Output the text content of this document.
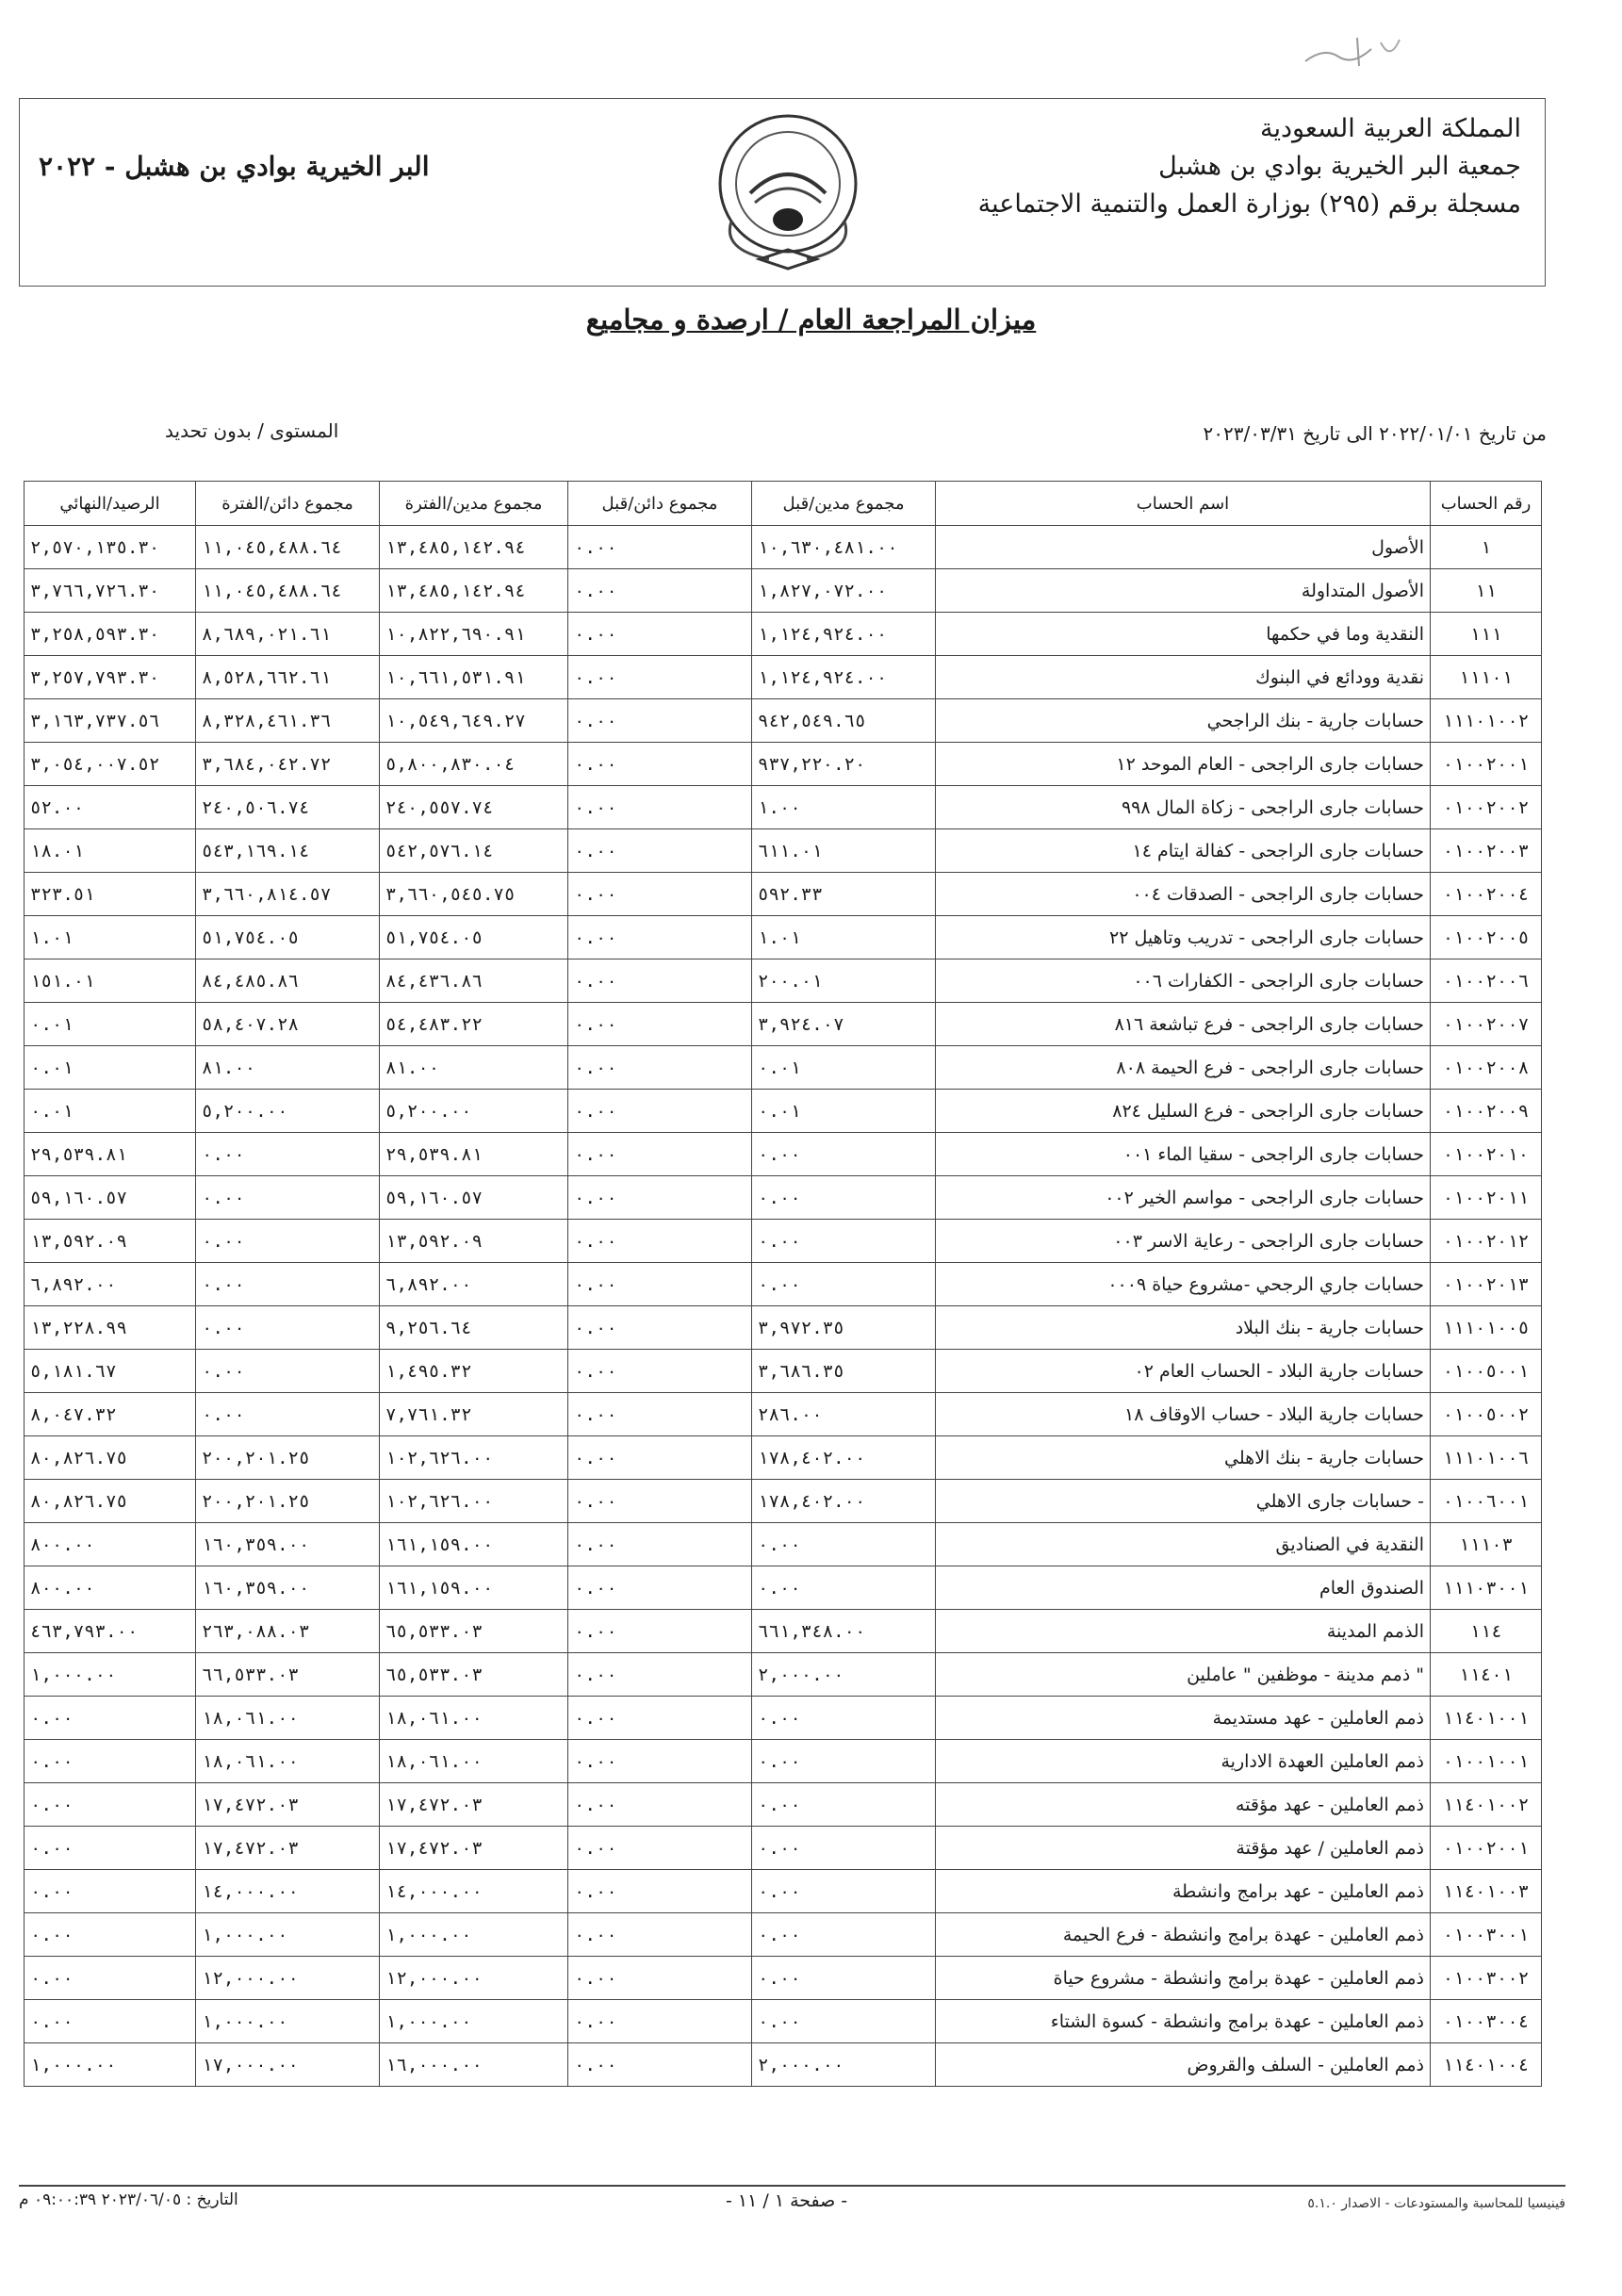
المملكة العربية السعودية
جمعية البر الخيرية بوادي بن هشبل
مسجلة برقم (٢٩٥) بوزارة العمل والتنمية الاجتماعية
البر الخيرية بوادي بن هشبل - ٢٠٢٢
ميزان المراجعة العام / ارصدة و مجاميع
من تاريخ ٢٠٢٢/٠١/٠١ الى تاريخ ٢٠٢٣/٠٣/٣١
المستوى / بدون تحديد
رقم الحساب	اسم الحساب	مجموع مدين/قبل	مجموع دائن/قبل	مجموع مدين/الفترة	مجموع دائن/الفترة	الرصيد/النهائي
١	الأصول	١٠,٦٣٠,٤٨١.٠٠	٠.٠٠	١٣,٤٨٥,١٤٢.٩٤	١١,٠٤٥,٤٨٨.٦٤	٢,٥٧٠,١٣٥.٣٠
١١	الأصول المتداولة	١,٨٢٧,٠٧٢.٠٠	٠.٠٠	١٣,٤٨٥,١٤٢.٩٤	١١,٠٤٥,٤٨٨.٦٤	٣,٧٦٦,٧٢٦.٣٠
١١١	النقدية وما في حكمها	١,١٢٤,٩٢٤.٠٠	٠.٠٠	١٠,٨٢٢,٦٩٠.٩١	٨,٦٨٩,٠٢١.٦١	٣,٢٥٨,٥٩٣.٣٠
١١١٠١	نقدية وودائع في البنوك	١,١٢٤,٩٢٤.٠٠	٠.٠٠	١٠,٦٦١,٥٣١.٩١	٨,٥٢٨,٦٦٢.٦١	٣,٢٥٧,٧٩٣.٣٠
١١١٠١٠٠٢	حسابات جارية - بنك الراجحي	٩٤٢,٥٤٩.٦٥	٠.٠٠	١٠,٥٤٩,٦٤٩.٢٧	٨,٣٢٨,٤٦١.٣٦	٣,١٦٣,٧٣٧.٥٦
٠١٠٠٢٠٠١	حسابات جارى الراجحى - العام الموحد ١٢	٩٣٧,٢٢٠.٢٠	٠.٠٠	٥,٨٠٠,٨٣٠.٠٤	٣,٦٨٤,٠٤٢.٧٢	٣,٠٥٤,٠٠٧.٥٢
٠١٠٠٢٠٠٢	حسابات جارى الراجحى - زكاة المال ٩٩٨	١.٠٠	٠.٠٠	٢٤٠,٥٥٧.٧٤	٢٤٠,٥٠٦.٧٤	٥٢.٠٠
٠١٠٠٢٠٠٣	حسابات جارى الراجحى - كفالة ايتام ١٤	٦١١.٠١	٠.٠٠	٥٤٢,٥٧٦.١٤	٥٤٣,١٦٩.١٤	١٨.٠١
٠١٠٠٢٠٠٤	حسابات جارى الراجحى - الصدقات ٠٠٤	٥٩٢.٣٣	٠.٠٠	٣,٦٦٠,٥٤٥.٧٥	٣,٦٦٠,٨١٤.٥٧	٣٢٣.٥١
٠١٠٠٢٠٠٥	حسابات جارى الراجحى - تدريب وتاهيل ٢٢	١.٠١	٠.٠٠	٥١,٧٥٤.٠٥	٥١,٧٥٤.٠٥	١.٠١
٠١٠٠٢٠٠٦	حسابات جارى الراجحى - الكفارات ٠٠٦	٢٠٠.٠١	٠.٠٠	٨٤,٤٣٦.٨٦	٨٤,٤٨٥.٨٦	١٥١.٠١
٠١٠٠٢٠٠٧	حسابات جارى الراجحى - فرع تباشعة ٨١٦	٣,٩٢٤.٠٧	٠.٠٠	٥٤,٤٨٣.٢٢	٥٨,٤٠٧.٢٨	٠.٠١
٠١٠٠٢٠٠٨	حسابات جارى الراجحى - فرع الحيمة ٨٠٨	٠.٠١	٠.٠٠	٨١.٠٠	٨١.٠٠	٠.٠١
٠١٠٠٢٠٠٩	حسابات جارى الراجحى - فرع السليل ٨٢٤	٠.٠١	٠.٠٠	٥,٢٠٠.٠٠	٥,٢٠٠.٠٠	٠.٠١
٠١٠٠٢٠١٠	حسابات جارى الراجحى - سقيا الماء ٠٠١	٠.٠٠	٠.٠٠	٢٩,٥٣٩.٨١	٠.٠٠	٢٩,٥٣٩.٨١
٠١٠٠٢٠١١	حسابات جارى الراجحى - مواسم الخير ٠٠٢	٠.٠٠	٠.٠٠	٥٩,١٦٠.٥٧	٠.٠٠	٥٩,١٦٠.٥٧
٠١٠٠٢٠١٢	حسابات جارى الراجحى - رعاية الاسر ٠٠٣	٠.٠٠	٠.٠٠	١٣,٥٩٢.٠٩	٠.٠٠	١٣,٥٩٢.٠٩
٠١٠٠٢٠١٣	حسابات جاري الرجحي -مشروع حياة ٠٠٠٩	٠.٠٠	٠.٠٠	٦,٨٩٢.٠٠	٠.٠٠	٦,٨٩٢.٠٠
١١١٠١٠٠٥	حسابات جارية - بنك البلاد	٣,٩٧٢.٣٥	٠.٠٠	٩,٢٥٦.٦٤	٠.٠٠	١٣,٢٢٨.٩٩
٠١٠٠٥٠٠١	حسابات جارية البلاد - الحساب العام ٠٢	٣,٦٨٦.٣٥	٠.٠٠	١,٤٩٥.٣٢	٠.٠٠	٥,١٨١.٦٧
٠١٠٠٥٠٠٢	حسابات جارية البلاد - حساب الاوقاف ١٨	٢٨٦.٠٠	٠.٠٠	٧,٧٦١.٣٢	٠.٠٠	٨,٠٤٧.٣٢
١١١٠١٠٠٦	حسابات جارية - بنك الاهلي	١٧٨,٤٠٢.٠٠	٠.٠٠	١٠٢,٦٢٦.٠٠	٢٠٠,٢٠١.٢٥	٨٠,٨٢٦.٧٥
٠١٠٠٦٠٠١	- حسابات جارى الاهلي	١٧٨,٤٠٢.٠٠	٠.٠٠	١٠٢,٦٢٦.٠٠	٢٠٠,٢٠١.٢٥	٨٠,٨٢٦.٧٥
١١١٠٣	النقدية في الصناديق	٠.٠٠	٠.٠٠	١٦١,١٥٩.٠٠	١٦٠,٣٥٩.٠٠	٨٠٠.٠٠
١١١٠٣٠٠١	الصندوق العام	٠.٠٠	٠.٠٠	١٦١,١٥٩.٠٠	١٦٠,٣٥٩.٠٠	٨٠٠.٠٠
١١٤	الذمم المدينة	٦٦١,٣٤٨.٠٠	٠.٠٠	٦٥,٥٣٣.٠٣	٢٦٣,٠٨٨.٠٣	٤٦٣,٧٩٣.٠٠
١١٤٠١	" ذمم مدينة - موظفين " عاملين	٢,٠٠٠.٠٠	٠.٠٠	٦٥,٥٣٣.٠٣	٦٦,٥٣٣.٠٣	١,٠٠٠.٠٠
١١٤٠١٠٠١	ذمم العاملين - عهد مستديمة	٠.٠٠	٠.٠٠	١٨,٠٦١.٠٠	١٨,٠٦١.٠٠	٠.٠٠
٠١٠٠١٠٠١	ذمم العاملين العهدة الادارية	٠.٠٠	٠.٠٠	١٨,٠٦١.٠٠	١٨,٠٦١.٠٠	٠.٠٠
١١٤٠١٠٠٢	ذمم العاملين - عهد مؤقته	٠.٠٠	٠.٠٠	١٧,٤٧٢.٠٣	١٧,٤٧٢.٠٣	٠.٠٠
٠١٠٠٢٠٠١	ذمم العاملين / عهد مؤقتة	٠.٠٠	٠.٠٠	١٧,٤٧٢.٠٣	١٧,٤٧٢.٠٣	٠.٠٠
١١٤٠١٠٠٣	ذمم العاملين - عهد برامج وانشطة	٠.٠٠	٠.٠٠	١٤,٠٠٠.٠٠	١٤,٠٠٠.٠٠	٠.٠٠
٠١٠٠٣٠٠١	ذمم العاملين - عهدة برامج وانشطة - فرع الحيمة	٠.٠٠	٠.٠٠	١,٠٠٠.٠٠	١,٠٠٠.٠٠	٠.٠٠
٠١٠٠٣٠٠٢	ذمم العاملين - عهدة برامج وانشطة - مشروع حياة	٠.٠٠	٠.٠٠	١٢,٠٠٠.٠٠	١٢,٠٠٠.٠٠	٠.٠٠
٠١٠٠٣٠٠٤	ذمم العاملين - عهدة برامج وانشطة - كسوة الشتاء	٠.٠٠	٠.٠٠	١,٠٠٠.٠٠	١,٠٠٠.٠٠	٠.٠٠
١١٤٠١٠٠٤	ذمم العاملين - السلف والقروض	٢,٠٠٠.٠٠	٠.٠٠	١٦,٠٠٠.٠٠	١٧,٠٠٠.٠٠	١,٠٠٠.٠٠
فينيسيا للمحاسبة والمستودعات - الاصدار ٥.١.٠
- صفحة ١ / ١١ -
التاريخ : ٢٠٢٣/٠٦/٠٥ ٠٩:٠٠:٣٩ م
